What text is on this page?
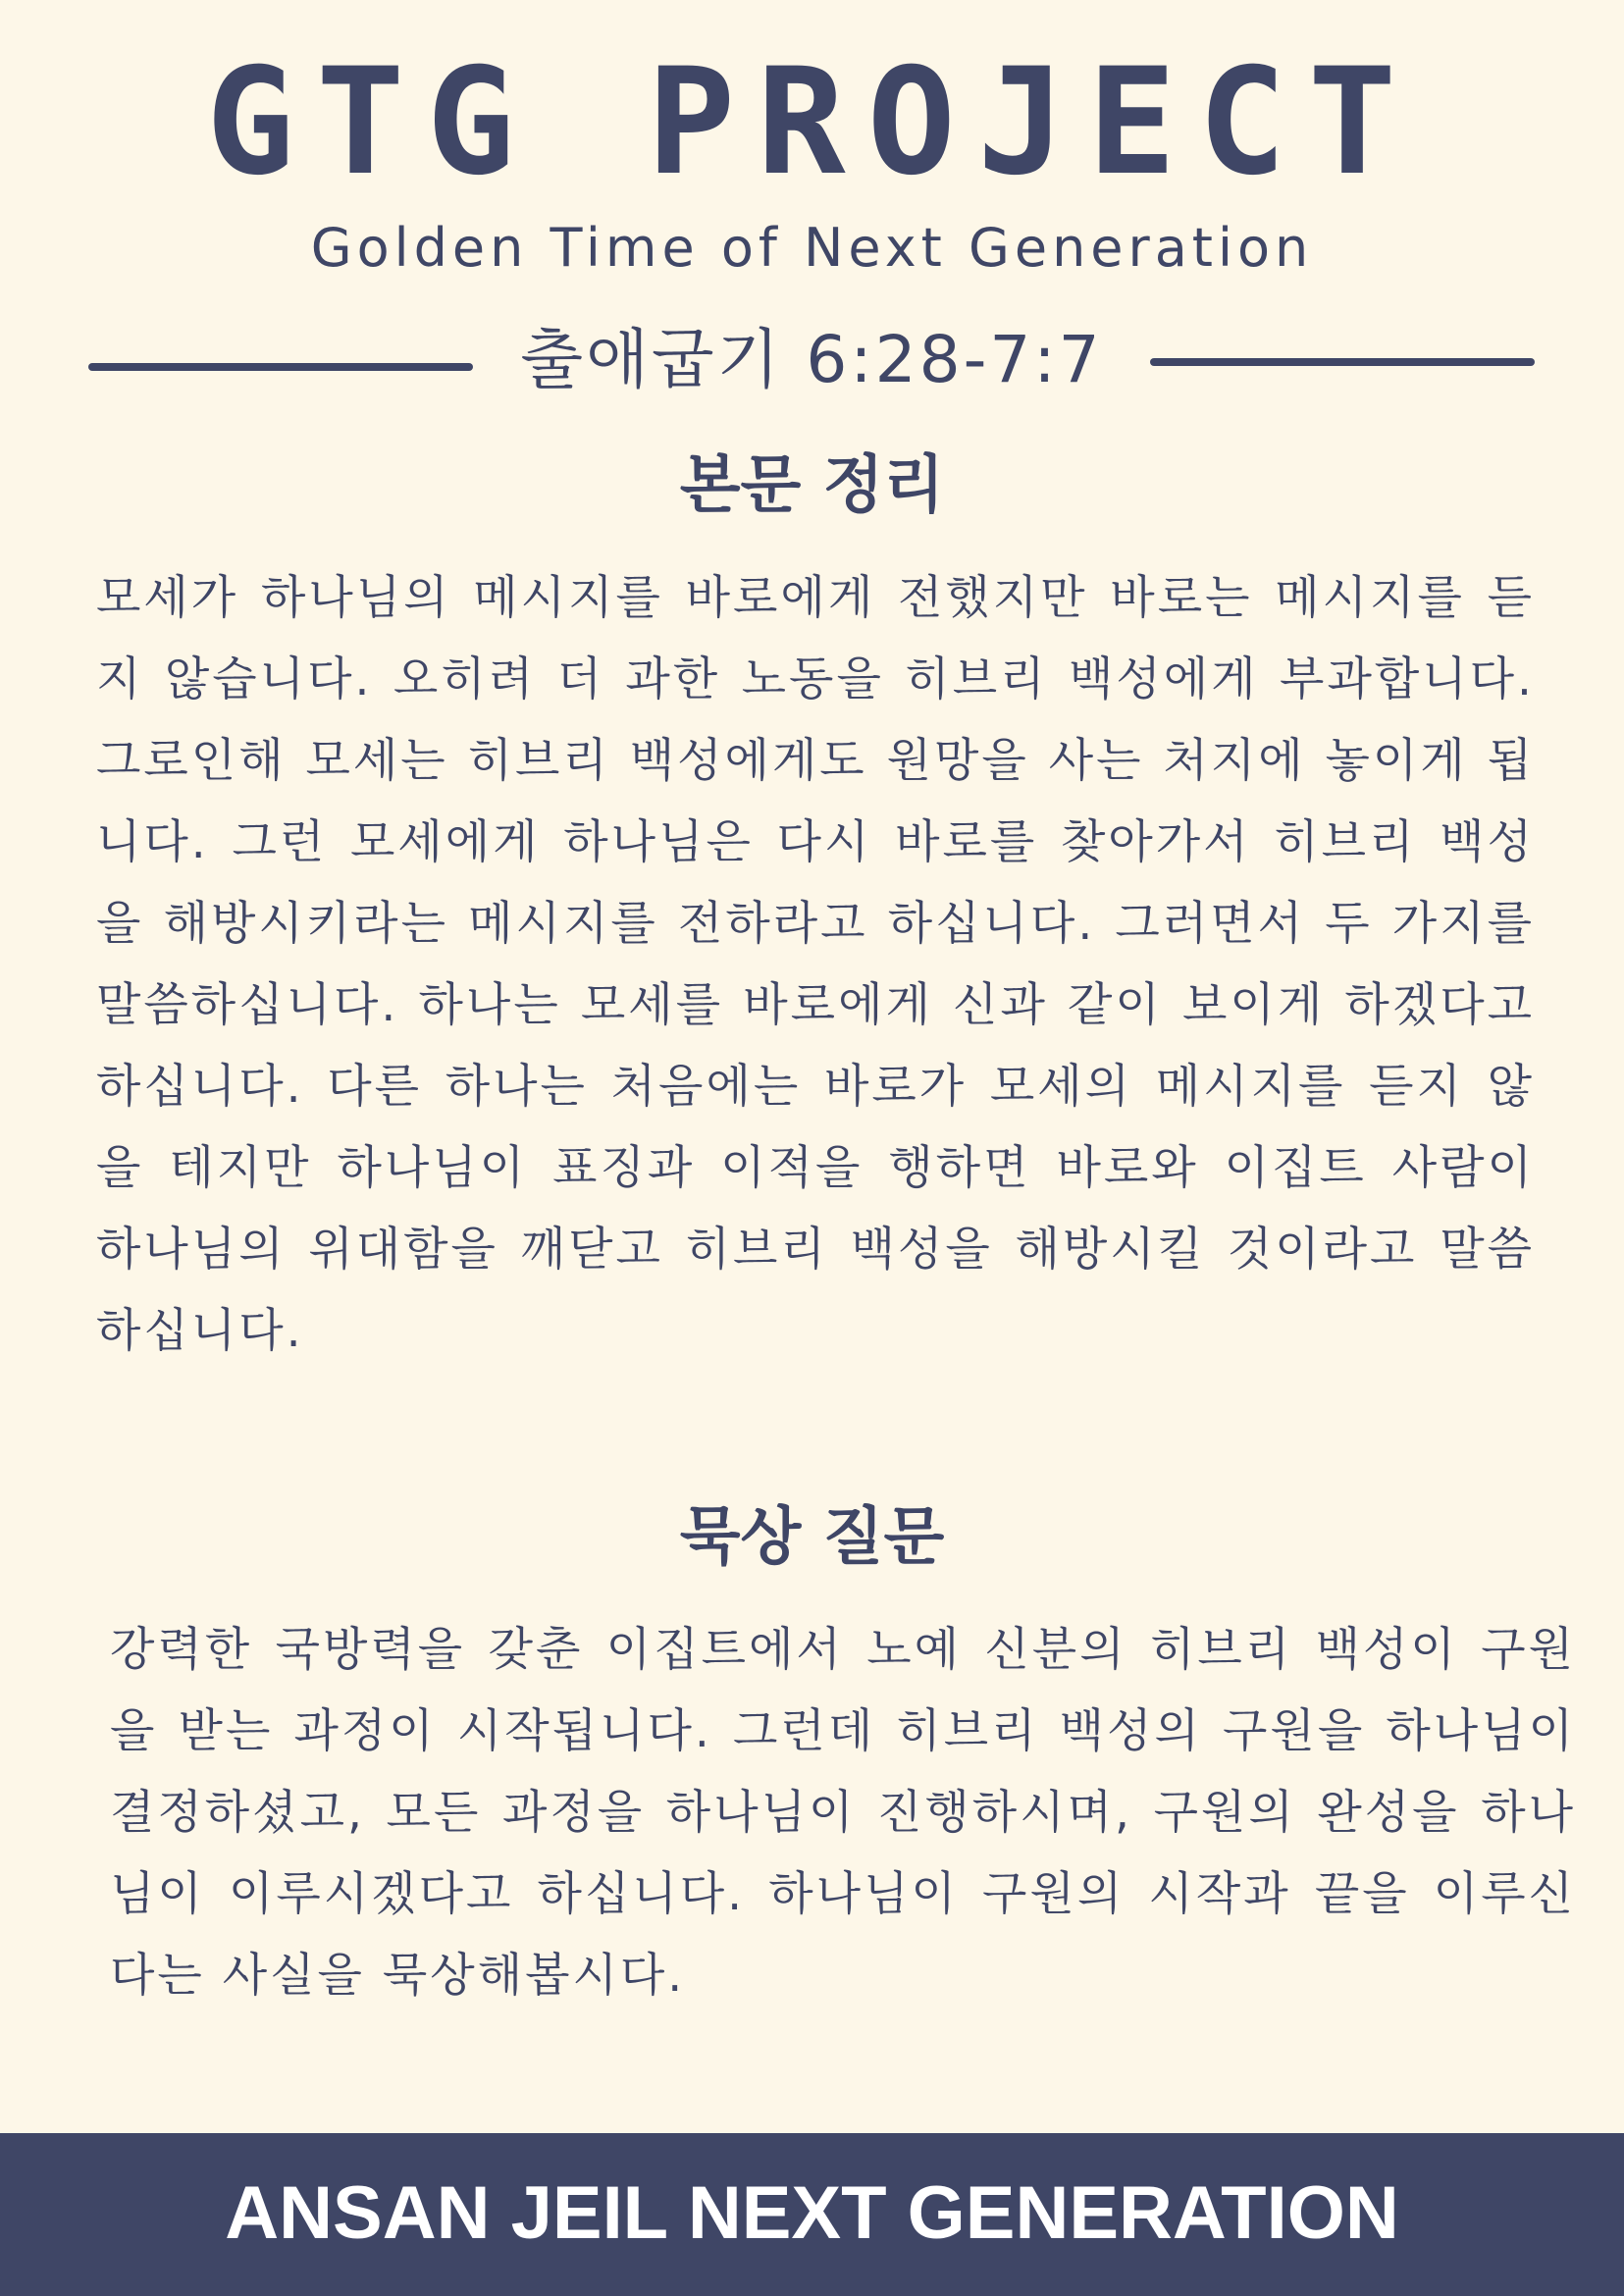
GTG PROJECT
Golden Time of Next Generation
출애굽기 6:28-7:7
본문 정리

모세가 하나님의 메시지를 바로에게 전했지만 바로는 메시지를 듣지 않습니다. 오히려 더 과한 노동을 히브리 백성에게 부과합니다. 그로인해 모세는 히브리 백성에게도 원망을 사는 처지에 놓이게 됩니다. 그런 모세에게 하나님은 다시 바로를 찾아가서 히브리 백성을 해방시키라는 메시지를 전하라고 하십니다. 그러면서 두 가지를 말씀하십니다. 하나는 모세를 바로에게 신과 같이 보이게 하겠다고 하십니다. 다른 하나는 처음에는 바로가 모세의 메시지를 듣지 않을 테지만 하나님이 표징과 이적을 행하면 바로와 이집트 사람이 하나님의 위대함을 깨닫고 히브리 백성을 해방시킬 것이라고 말씀하십니다.

묵상 질문

강력한 국방력을 갖춘 이집트에서 노예 신분의 히브리 백성이 구원을 받는 과정이 시작됩니다. 그런데 히브리 백성의 구원을 하나님이 결정하셨고, 모든 과정을 하나님이 진행하시며, 구원의 완성을 하나님이 이루시겠다고 하십니다. 하나님이 구원의 시작과 끝을 이루신다는 사실을 묵상해봅시다.

ANSAN JEIL NEXT GENERATION
